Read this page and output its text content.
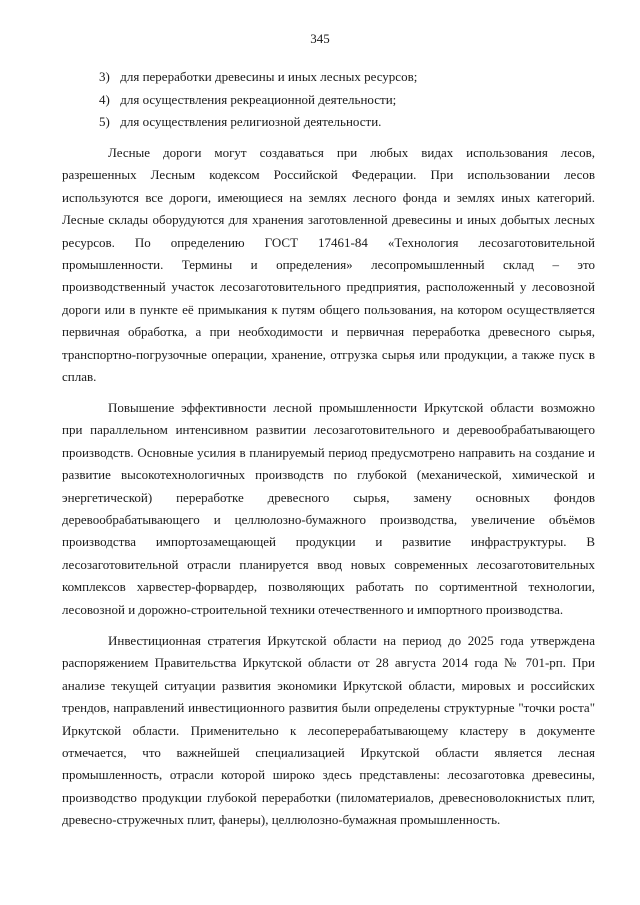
345
3) для переработки древесины и иных лесных ресурсов;
4) для осуществления рекреационной деятельности;
5) для осуществления религиозной деятельности.

Лесные дороги могут создаваться при любых видах использования лесов, разрешенных Лесным кодексом Российской Федерации. При использовании лесов используются все дороги, имеющиеся на землях лесного фонда и землях иных категорий. Лесные склады оборудуются для хранения заготовленной древесины и иных добытых лесных ресурсов. По определению ГОСТ 17461-84 «Технология лесозаготовительной промышленности. Термины и определения» лесопромышленный склад – это производственный участок лесозаготовительного предприятия, расположенный у лесовозной дороги или в пункте её примыкания к путям общего пользования, на котором осуществляется первичная обработка, а при необходимости и первичная переработка древесного сырья, транспортно-погрузочные операции, хранение, отгрузка сырья или продукции, а также пуск в сплав.

Повышение эффективности лесной промышленности Иркутской области возможно при параллельном интенсивном развитии лесозаготовительного и деревообрабатывающего производств. Основные усилия в планируемый период предусмотрено направить на создание и развитие высокотехнологичных производств по глубокой (механической, химической и энергетической) переработке древесного сырья, замену основных фондов деревообрабатывающего и целлюлозно-бумажного производства, увеличение объёмов производства импортозамещающей продукции и развитие инфраструктуры. В лесозаготовительной отрасли планируется ввод новых современных лесозаготовительных комплексов харвестер-форвардер, позволяющих работать по сортиментной технологии, лесовозной и дорожно-строительной техники отечественного и импортного производства.

Инвестиционная стратегия Иркутской области на период до 2025 года утверждена распоряжением Правительства Иркутской области от 28 августа 2014 года № 701-рп. При анализе текущей ситуации развития экономики Иркутской области, мировых и российских трендов, направлений инвестиционного развития были определены структурные "точки роста" Иркутской области. Применительно к лесоперерабатывающему кластеру в документе отмечается, что важнейшей специализацией Иркутской области является лесная промышленность, отрасли которой широко здесь представлены: лесозаготовка древесины, производство продукции глубокой переработки (пиломатериалов, древесноволокнистых плит, древесно-стружечных плит, фанеры), целлюлозно-бумажная промышленность.
